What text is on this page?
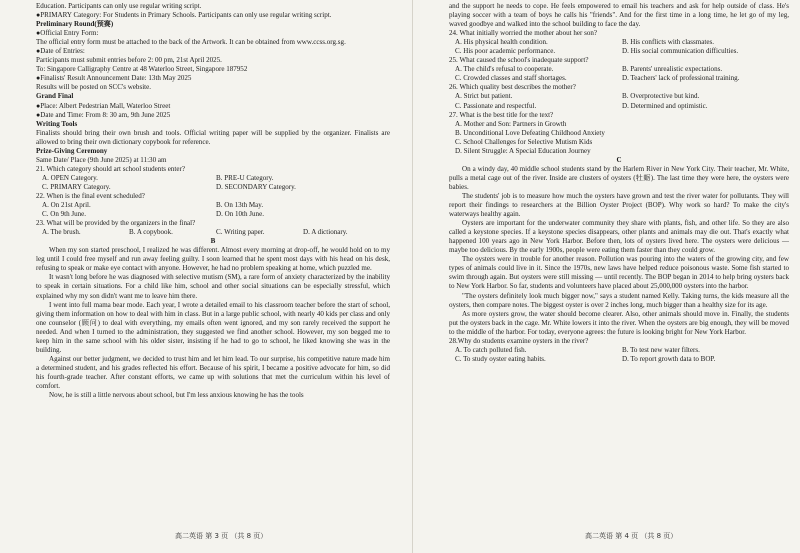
Education. Participants can only use regular writing script.

●PRIMARY Category: For Students in Primary Schools. Participants can only use regular writing script.

Preliminary Round(预赛)

●Official Entry Form:

The official entry form must be attached to the back of the Artwork. It can be obtained from www.ccss.org.sg.

●Date of Entries:

Participants must submit entries before 2: 00 pm, 21st April 2025.

To: Singapore Calligraphy Centre at 48 Waterloo Street, Singapore 187952

●Finalists' Result Announcement Date: 13th May 2025

Results will be posted on SCC's website.

Grand Final

●Place: Albert Pedestrian Mall, Waterloo Street

●Date and Time: From 8: 30 am, 9th June 2025

Writing Tools

Finalists should bring their own brush and tools. Official writing paper will be supplied by the organizer. Finalists are allowed to bring their own dictionary copybook for reference.

Prize-Giving Ceremony

Same Date/ Place (9th June 2025) at 11:30 am

21. Which category should art school students enter?

A. OPEN Category.	B. PRE-U Category.
C. PRIMARY Category.	D. SECONDARY Category.

22. When is the final event scheduled?

A. On 21st April.	B. On 13th May.
C. On 9th June.	D. On 10th June.

23. What will be provided by the organizers in the final?

A. The brush.	B. A copybook.	C. Writing paper.	D. A dictionary.

B

When my son started preschool, I realized he was different. Almost every morning at drop-off, he would hold on to my leg until I could free myself and run away feeling guilty. I soon learned that he spent most days with his head on his desk, refusing to speak or make eye contact with anyone. However, he had no problem speaking at home, which puzzled me.

It wasn't long before he was diagnosed with selective mutism (SM), a rare form of anxiety characterized by the inability to speak in certain situations. For a child like him, school and other social situations can be especially stressful, which explained why my son didn't want me to leave him there.

I went into full mama bear mode. Each year, I wrote a detailed email to his classroom teacher before the start of school, giving them information on how to deal with him in class. But in a large public school, with nearly 40 kids per class and only one counselor (顾问) to deal with everything, my emails often went ignored, and my son rarely received the support he needed. And when I turned to the administration, they suggested we find another school. However, my son begged me to keep him in the same school with his older sister, insisting if he had to go to school, he liked knowing she was in the building.

Against our better judgment, we decided to trust him and let him lead. To our surprise, his competitive nature made him a determined student, and his grades reflected his effort. Because of his spirit, I became a positive advocate for him, so did his fourth-grade teacher. After constant efforts, we came up with solutions that met the curriculum within his level of comfort.

Now, he is still a little nervous about school, but I'm less anxious knowing he has the tools

and the support he needs to cope. He feels empowered to email his teachers and ask for help outside of class. He's playing soccer with a team of boys he calls his "friends". And for the first time in a long time, he let go of my leg, waved goodbye and walked into the school building to face the day.

24. What initially worried the mother about her son?

A. His physical health condition.	B. His conflicts with classmates.
C. His poor academic performance.	D. His social communication difficulties.

25. What caused the school's inadequate support?

A. The child's refusal to cooperate.	B. Parents' unrealistic expectations.
C. Crowded classes and staff shortages.	D. Teachers' lack of professional training.

26. Which quality best describes the mother?

A. Strict but patient.	B. Overprotective but kind.
C. Passionate and respectful.	D. Determined and optimistic.

27. What is the best title for the text?

A. Mother and Son: Partners in Growth

B. Unconditional Love Defeating Childhood Anxiety

C. School Challenges for Selective Mutism Kids

D. Silent Struggle: A Special Education Journey

C

On a windy day, 40 middle school students stand by the Harlem River in New York City. Their teacher, Mr. White, pulls a metal cage out of the river. Inside are clusters of oysters (牡蛎). The last time they were here, the oysters were babies.

The students' job is to measure how much the oysters have grown and test the river water for pollutants. They will report their findings to researchers at the Billion Oyster Project (BOP). Why work so hard? To make the city's waterways healthy again.

Oysters are important for the underwater community they share with plants, fish, and other life. So they are also called a keystone species. If a keystone species disappears, other plants and animals may die out. That's exactly what happened 100 years ago in New York Harbor. Before then, lots of oysters lived here. The oysters were delicious — maybe too delicious. By the early 1900s, people were eating them faster than they could grow.

The oysters were in trouble for another reason. Pollution was pouring into the waters of the growing city, and few types of animals could live in it. Since the 1970s, new laws have helped reduce poisonous waste. Some fish started to swim through again. But oysters were still missing — until recently. The BOP began in 2014 to help bring oysters back to New York Harbor. So far, students and volunteers have placed about 25,000,000 oysters into the harbor.

"The oysters definitely look much bigger now," says a student named Kelly. Taking turns, the kids measure all the oysters, then compare notes. The biggest oyster is over 2 inches long, much bigger than a healthy size for its age.

As more oysters grow, the water should become clearer. Also, other animals should move in. Finally, the students put the oysters back in the cage. Mr. White lowers it into the river. When the oysters are big enough, they will be moved to the middle of the harbor. For today, everyone agrees: the future is looking bright for New York Harbor.

28.Why do students examine oysters in the river?

A. To catch polluted fish.	B. To test new water filters.
C. To study oyster eating habits.	D. To report growth data to BOP.
高二英语 第 3 页 （共 8 页）	高二英语 第 4 页 （共 8 页）
